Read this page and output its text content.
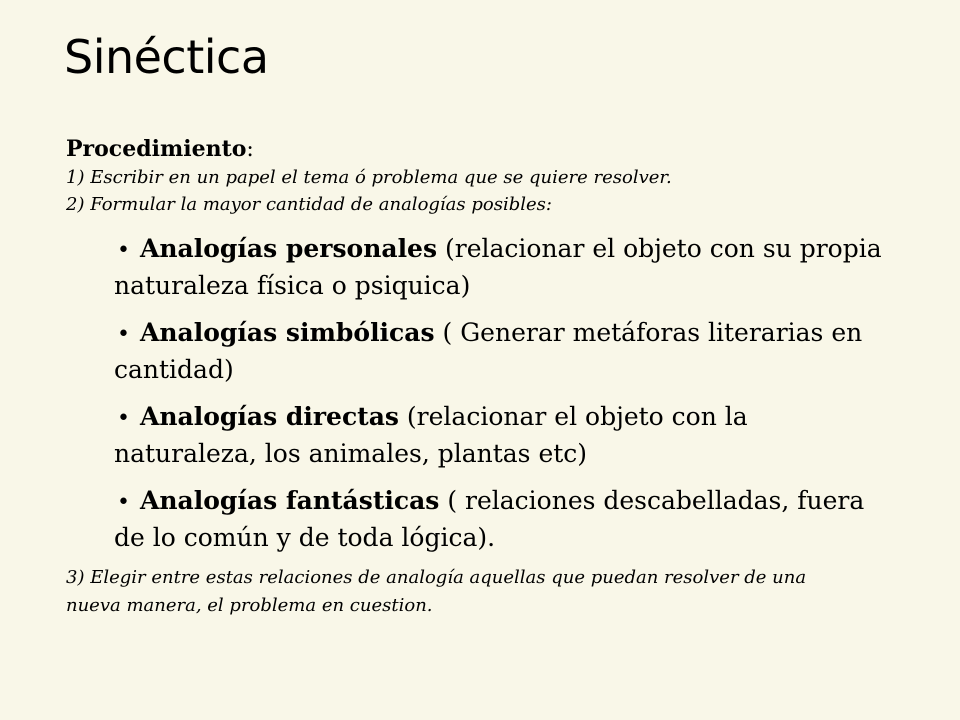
Sinéctica

Procedimiento:

1) Escribir en un papel el tema ó problema que se quiere resolver.

2) Formular la mayor cantidad de analogías posibles:

• Analogías personales (relacionar el objeto con su propia naturaleza física o psiquica)
• Analogías simbólicas ( Generar metáforas literarias en cantidad)
• Analogías directas (relacionar el objeto con la naturaleza, los animales, plantas etc)
• Analogías fantásticas ( relaciones descabelladas, fuera de lo común y de toda lógica).

3) Elegir entre estas relaciones de analogía aquellas que puedan resolver de una nueva manera, el problema en cuestion.
